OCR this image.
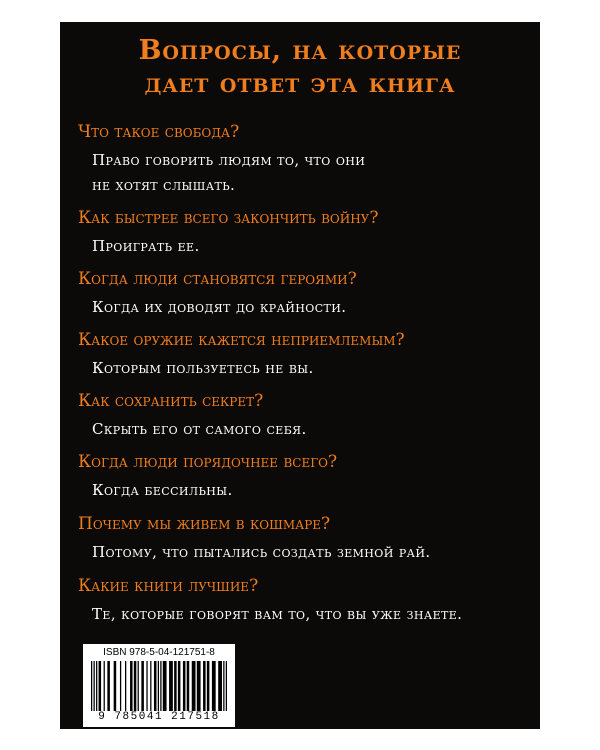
Вопросы, на которые
дает ответ эта книга
Что такое свобода?
Право говорить людям то, что они
не хотят слышать.
Как быстрее всего закончить войну?
Проиграть ее.
Когда люди становятся героями?
Когда их доводят до крайности.
Какое оружие кажется неприемлемым?
Которым пользуетесь не вы.
Как сохранить секрет?
Скрыть его от самого себя.
Когда люди порядочнее всего?
Когда бессильны.
Почему мы живем в кошмаре?
Потому, что пытались создать земной рай.
Какие книги лучшие?
Те, которые говорят вам то, что вы уже знаете.
ISBN 978-5-04-121751-8
9 785041 217518
